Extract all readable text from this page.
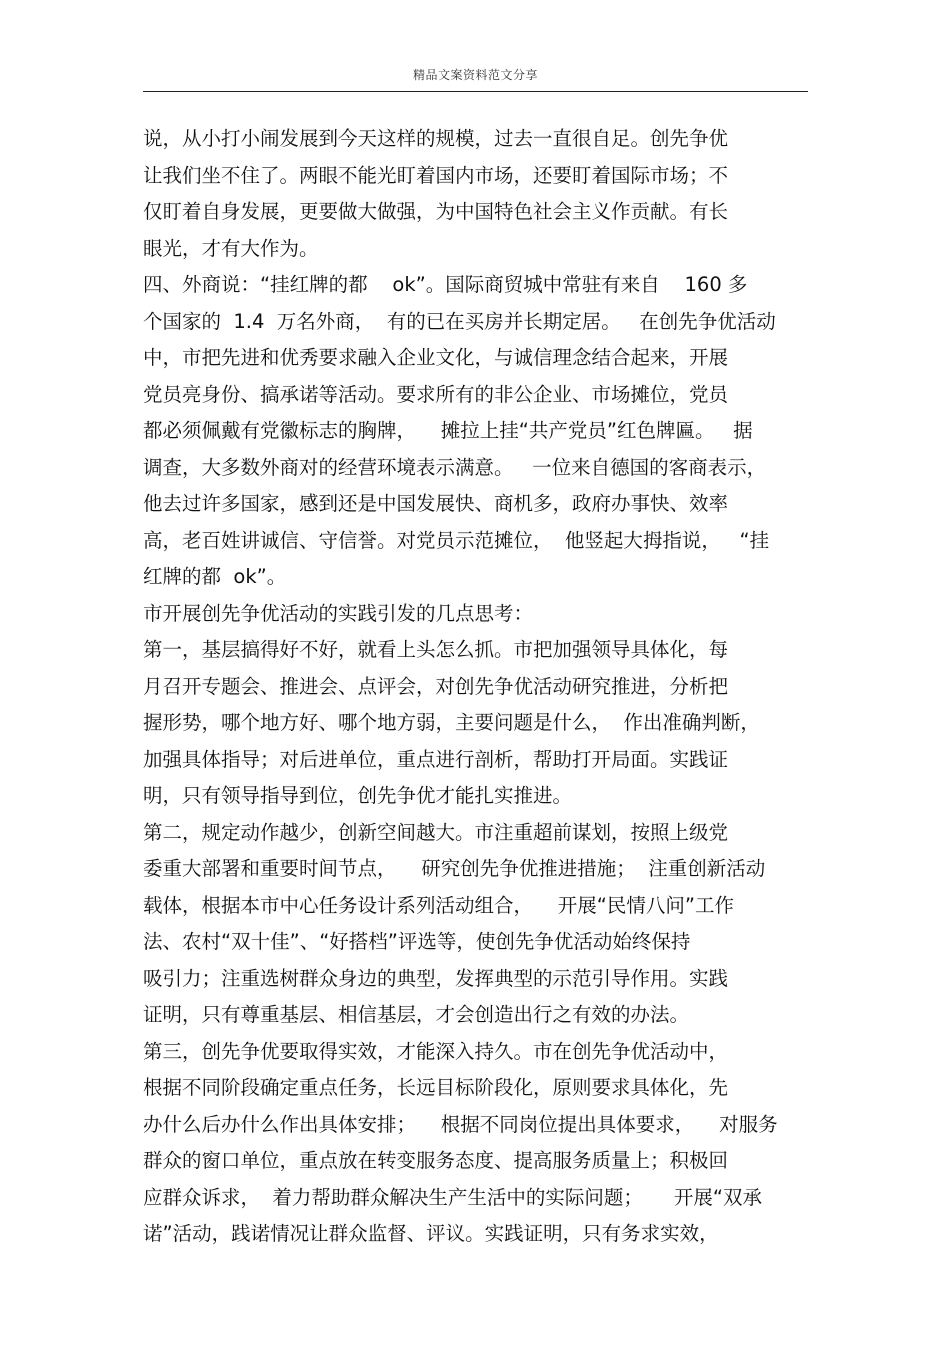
精品文案资料范文分享
说，从小打小闹发展到今天这样的规模，过去一直很自足。创先争优
让我们坐不住了。两眼不能光盯着国内市场，还要盯着国际市场；不
仅盯着自身发展，更要做大做强，为中国特色社会主义作贡献。有长
眼光，才有大作为。
四、外商说：“挂红牌的都    ok”。国际商贸城中常驻有来自    160 多
个国家的  1.4  万名外商，  有的已在买房并长期定居。   在创先争优活动
中，市把先进和优秀要求融入企业文化，与诚信理念结合起来，开展
党员亮身份、搞承诺等活动。要求所有的非公企业、市场摊位，党员
都必须佩戴有党徽标志的胸牌，    摊拉上挂“共产党员”红色牌匾。   据
调查，大多数外商对的经营环境表示满意。   一位来自德国的客商表示，
他去过许多国家，感到还是中国发展快、商机多，政府办事快、效率
高，老百姓讲诚信、守信誉。对党员示范摊位，  他竖起大拇指说，   “挂
红牌的都  ok”。
市开展创先争优活动的实践引发的几点思考：
第一，基层搞得好不好，就看上头怎么抓。市把加强领导具体化，每
月召开专题会、推进会、点评会，对创先争优活动研究推进，分析把
握形势，哪个地方好、哪个地方弱，主要问题是什么，  作出准确判断，
加强具体指导；对后进单位，重点进行剖析，帮助打开局面。实践证
明，只有领导指导到位，创先争优才能扎实推进。
第二，规定动作越少，创新空间越大。市注重超前谋划，按照上级党
委重大部署和重要时间节点，    研究创先争优推进措施；  注重创新活动
载体，根据本市中心任务设计系列活动组合，    开展“民情八问”工作
法、农村“双十佳”、“好搭档”评选等，使创先争优活动始终保持
吸引力；注重选树群众身边的典型，发挥典型的示范引导作用。实践
证明，只有尊重基层、相信基层，才会创造出行之有效的办法。
第三，创先争优要取得实效，才能深入持久。市在创先争优活动中，
根据不同阶段确定重点任务，长远目标阶段化，原则要求具体化，先
办什么后办什么作出具体安排；    根据不同岗位提出具体要求，    对服务
群众的窗口单位，重点放在转变服务态度、提高服务质量上；积极回
应群众诉求，  着力帮助群众解决生产生活中的实际问题；     开展“双承
诺”活动，践诺情况让群众监督、评议。实践证明，只有务求实效，
